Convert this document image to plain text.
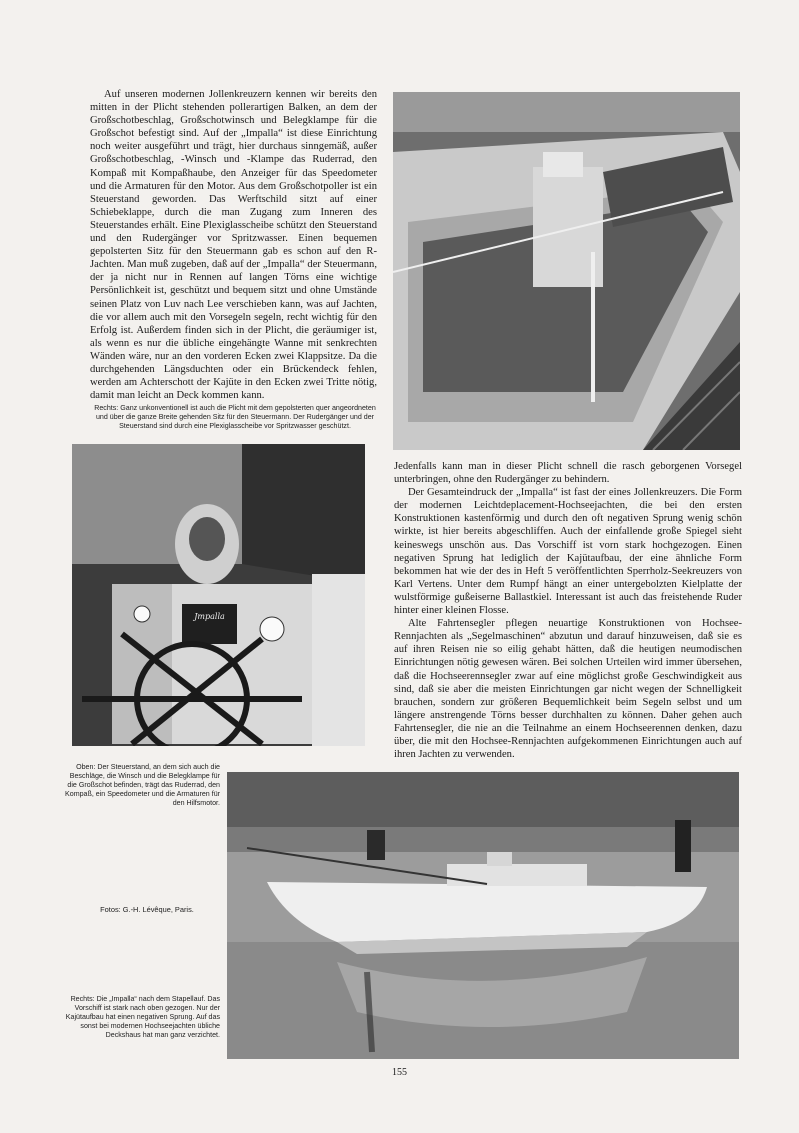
Auf unseren modernen Jollenkreuzern kennen wir bereits den mitten in der Plicht stehenden pollerartigen Balken, an dem der Großschotbeschlag, Großschotwinsch und Belegklampe für die Großschot befestigt sind. Auf der „Impalla“ ist diese Einrichtung noch weiter ausgeführt und trägt, hier durchaus sinngemäß, außer Großschotbeschlag, -Winsch und -Klampe das Ruderrad, den Kompaß mit Kompaßhaube, den Anzeiger für das Speedometer und die Armaturen für den Motor. Aus dem Großschotpoller ist ein Steuerstand geworden. Das Werftschild sitzt auf einer Schiebeklappe, durch die man Zugang zum Inneren des Steuerstandes erhält. Eine Plexiglasscheibe schützt den Steuerstand und den Rudergänger vor Spritzwasser. Einen bequemen gepolsterten Sitz für den Steuermann gab es schon auf den R-Jachten. Man muß zugeben, daß auf der „Impalla“ der Steuermann, der ja nicht nur in Rennen auf langen Törns eine wichtige Persönlichkeit ist, geschützt und bequem sitzt und ohne Umstände seinen Platz von Luv nach Lee verschieben kann, was auf Jachten, die vor allem auch mit den Vorsegeln segeln, recht wichtig für den Erfolg ist. Außerdem finden sich in der Plicht, die geräumiger ist, als wenn es nur die übliche eingehängte Wanne mit senkrechten Wänden wäre, nur an den vorderen Ecken zwei Klappsitze. Da die durchgehenden Längsduchten oder ein Brückendeck fehlen, werden am Achterschott der Kajüte in den Ecken zwei Tritte nötig, damit man leicht an Deck kommen kann.

Rechts: Ganz unkonventionell ist auch die Plicht mit dem gepolsterten quer angeordneten und über die ganze Breite gehenden Sitz für den Steuermann. Der Rudergänger und der Steuerstand sind durch eine Plexiglasscheibe vor Spritzwasser geschützt.
Jmpalla

Jedenfalls kann man in dieser Plicht schnell die rasch geborgenen Vorsegel unterbringen, ohne den Rudergänger zu behindern.

Der Gesamteindruck der „Impalla“ ist fast der eines Jollenkreuzers. Die Form der modernen Leichtdeplacement-Hochseejachten, die bei den ersten Konstruktionen kastenförmig und durch den oft negativen Sprung wenig schön wirkte, ist hier bereits abgeschliffen. Auch der einfallende große Spiegel sieht keineswegs unschön aus. Das Vorschiff ist vorn stark hochgezogen. Einen negativen Sprung hat lediglich der Kajütaufbau, der eine ähnliche Form bekommen hat wie der des in Heft 5 veröffentlichten Sperrholz-Seekreuzers von Karl Vertens. Unter dem Rumpf hängt an einer untergebolzten Kielplatte der wulstförmige gußeiserne Ballastkiel. Interessant ist auch das freistehende Ruder hinter einer kleinen Flosse.

Alte Fahrtensegler pflegen neuartige Konstruktionen von Hochsee-Rennjachten als „Segelmaschinen“ abzutun und darauf hinzuweisen, daß sie es auf ihren Reisen nie so eilig gehabt hätten, daß die heutigen neumodischen Einrichtungen nötig gewesen wären. Bei solchen Urteilen wird immer übersehen, daß die Hochseerennsegler zwar auf eine möglichst große Geschwindigkeit aus sind, daß sie aber die meisten Einrichtungen gar nicht wegen der Schnelligkeit brauchen, sondern zur größeren Bequemlichkeit beim Segeln selbst und um längere anstrengende Törns besser durchhalten zu können. Daher gehen auch Fahrtensegler, die nie an die Teilnahme an einem Hochseerennen denken, dazu über, die mit den Hochsee-Rennjachten aufgekommenen Einrichtungen auch auf ihren Jachten zu verwenden.

Oben: Der Steuerstand, an dem sich auch die Beschläge, die Winsch und die Belegklampe für die Großschot befinden, trägt das Ruderrad, den Kompaß, ein Speedometer und die Armaturen für den Hilfsmotor.
Fotos: G.-H. Lévêque, Paris.
Rechts: Die „Impalla“ nach dem Stapellauf. Das Vorschiff ist stark nach oben gezogen. Nur der Kajütaufbau hat einen negativen Sprung. Auf das sonst bei modernen Hochseejachten übliche Deckshaus hat man ganz verzichtet.
155
